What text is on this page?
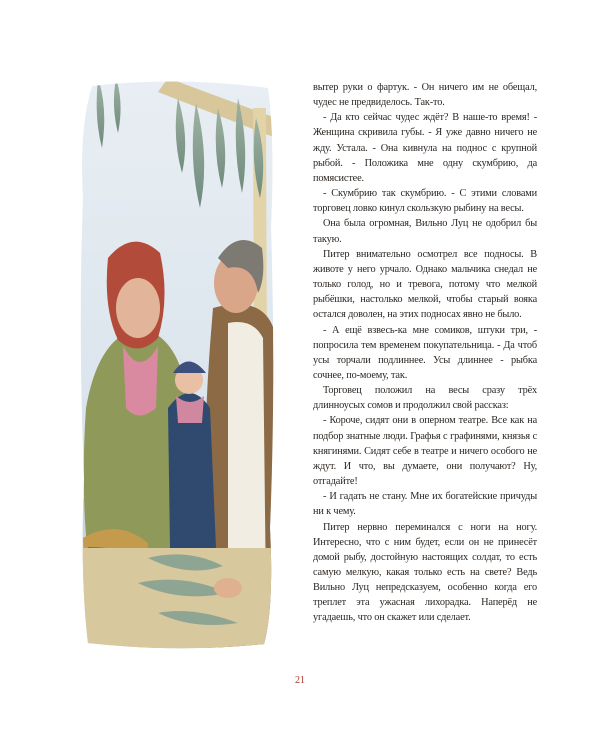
вытер руки о фартук. - Он ничего им не обещал, чудес не предвиделось. Так-то.

- Да кто сейчас чудес ждёт? В наше-то время! - Женщина скривила губы. - Я уже давно ничего не жду. Устала. - Она кивнула на поднос с крупной рыбой. - Положика мне одну скумбрию, да помясистее.

- Скумбрию так скумбрию. - С этими словами торговец ловко кинул скользкую рыбину на весы.

Она была огромная, Вильно Луц не одобрил бы такую.

Питер внимательно осмотрел все подносы. В животе у него урчало. Однако мальчика снедал не только голод, но и тревога, потому что мелкой рыбёшки, настолько мелкой, чтобы старый вояка остался доволен, на этих подносах явно не было.

- А ещё взвесь-ка мне сомиков, штуки три, - попросила тем временем покупательница. - Да чтоб усы торчали подлиннее. Усы длиннее - рыбка сочнее, по-моему, так.

Торговец положил на весы сразу трёх длинноусых сомов и продолжил свой рассказ:

- Короче, сидят они в оперном театре. Все как на подбор знатные люди. Графья с графинями, князья с княгинями. Сидят себе в театре и ничего особого не ждут. И что, вы думаете, они получают? Ну, отгадайте!

- И гадать не стану. Мне их богатейские причуды ни к чему.

Питер нервно переминался с ноги на ногу. Интересно, что с ним будет, если он не принесёт домой рыбу, достойную настоящих солдат, то есть самую мелкую, какая только есть на свете? Ведь Вильно Луц непредсказуем, особенно когда его треплет эта ужасная лихорадка. Наперёд не угадаешь, что он скажет или сделает.

21
